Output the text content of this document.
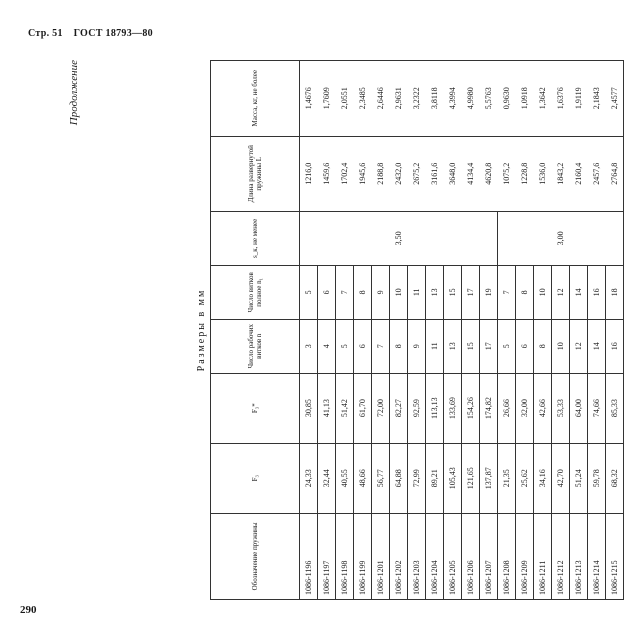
Стр. 51 ГОСТ 18793—80
290
Продолжение
Размеры в мм
Обозначение пружины	F₃	F₃*	Число рабочих витков n	Число витков полное n₁	s_к, не менее	Длина развернутой пружины L	Масса, кг, не более
1086-1196	24,33	30,85	3	5	3,50	1216,0	1,4676
1086-1197	32,44	41,13	4	6		1459,6	1,7609
1086-1198	40,55	51,42	5	7		1702,4	2,0551
1086-1199	48,66	61,70	6	8		1945,6	2,3485
1086-1201	56,77	72,00	7	9		2188,8	2,6446
1086-1202	64,88	82,27	8	10		2432,0	2,9631
1086-1203	72,99	92,59	9	11		2675,2	3,2322
1086-1204	89,21	113,13	11	13		3161,6	3,8118
1086-1205	105,43	133,69	13	15		3648,0	4,3994
1086-1206	121,65	154,26	15	17		4134,4	4,9980
1086-1207	137,87	174,82	17	19		4620,8	5,5763
1086-1208	21,35	26,66	5	7	3,00	1075,2	0,9630
1086-1209	25,62	32,00	6	8		1228,8	1,0918
1086-1211	34,16	42,66	8	10		1536,0	1,3642
1086-1212	42,70	53,33	10	12		1843,2	1,6376
1086-1213	51,24	64,00	12	14		2160,4	1,9119
1086-1214	59,78	74,66	14	16		2457,6	2,1843
1086-1215	68,32	85,33	16	18		2764,8	2,4577
